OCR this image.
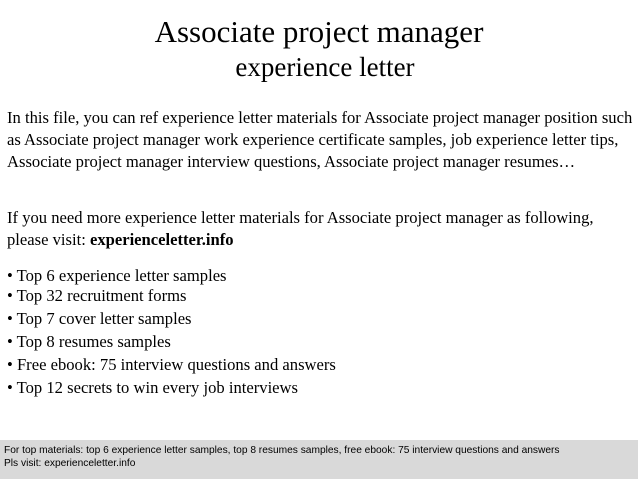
Associate project manager
experience letter

In this file, you can ref experience letter materials for Associate project manager position such as Associate project manager work experience certificate samples, job experience letter tips, Associate project manager interview questions, Associate project manager resumes…

If you need more experience letter materials for Associate project manager as following, please visit: experienceletter.info

• Top 6 experience letter samples
• Top 32 recruitment forms
• Top 7 cover letter samples
• Top 8 resumes samples
• Free ebook: 75 interview questions and answers
• Top 12 secrets to win every job interviews
For top materials: top 6 experience letter samples, top 8 resumes samples, free ebook: 75 interview questions and answers
Pls visit: experienceletter.info
